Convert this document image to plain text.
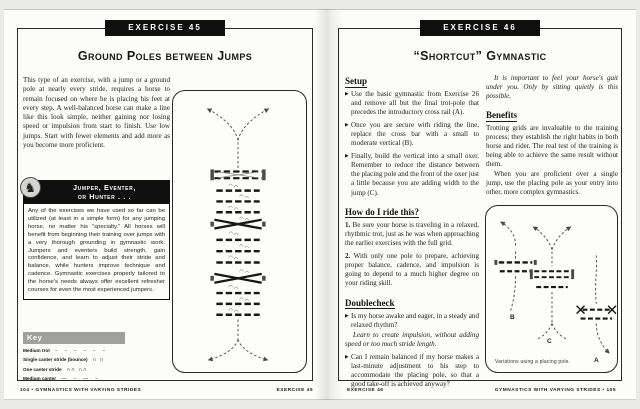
EXERCISE 45
Ground Poles between Jumps
This type of an exercise, with a jump or a ground pole at nearly every stride, requires a horse to remain focused on where he is placing his feet at every step. A well-balanced horse can make a line like this look simple, neither gaining nor losing speed or impulsion from start to finish. Use low jumps. Start with fewer elements and add more as you become more proficient.
♞	Jumper, Eventer,
or Hunter . . .
Any of the exercises we have used so far can be utilized (at least in a simple form) for any jumping horse, no matter his “specialty.” All horses will benefit from beginning their training over jumps with a very thorough grounding in gymnastic work. Jumpers and eventers build strength, gain confidence, and learn to adjust their stride and balance, while hunters improve technique and cadence. Gymnastic exercises properly tailored to the horse's needs always offer excellent refresher courses for even the most experienced jumpers.
Key
Medium trot – – – – – –
Single canter stride (bounce) ∩ ∩
One canter stride ∩∩ ∩∩
Medium canter — – — –
104 • GYMNASTICS WITH VARYING STRIDES	EXERCISE 45
EXERCISE 46
“Shortcut” Gymnastic
Setup
▶ Use the basic gymnastic from Exercise 26 and remove all but the final trot-pole that precedes the introductory cross rail (A).
▶ Once you are secure with riding the line, replace the cross bar with a small to moderate vertical (B).
▶ Finally, build the vertical into a small oxer. Remember to reduce the distance between the placing pole and the front of the oxer just a little because you are adding width to the jump (C).
How do I ride this?
1. Be sure your horse is traveling in a relaxed, rhythmic trot, just as he was when approaching the earlier exercises with the full grid.
2. With only one pole to prepare, achieving proper balance, cadence, and impulsion is going to depend to a much higher degree on your riding skill.
Doublecheck
▶ Is my horse awake and eager, in a steady and relaxed rhythm?
Learn to create impulsion, without adding speed or too much stride length.
▶ Can I remain balanced if my horse makes a last-minute adjustment to his step to accommodate the placing pole, so that a good take-off is achieved anyway?
It is important to feel your horse's gait under you. Only by sitting quietly is this possible.
Benefits
Trotting grids are invaluable to the training process; they establish the right habits in both horse and rider. The real test of the training is being able to achieve the same result without them.
When you are proficient over a single jump, use the placing pole as your entry into other, more complex gymnastics.
B
C
A
Variations using a placing pole.
EXERCISE 46	GYMNASTICS WITH VARYING STRIDES • 105
